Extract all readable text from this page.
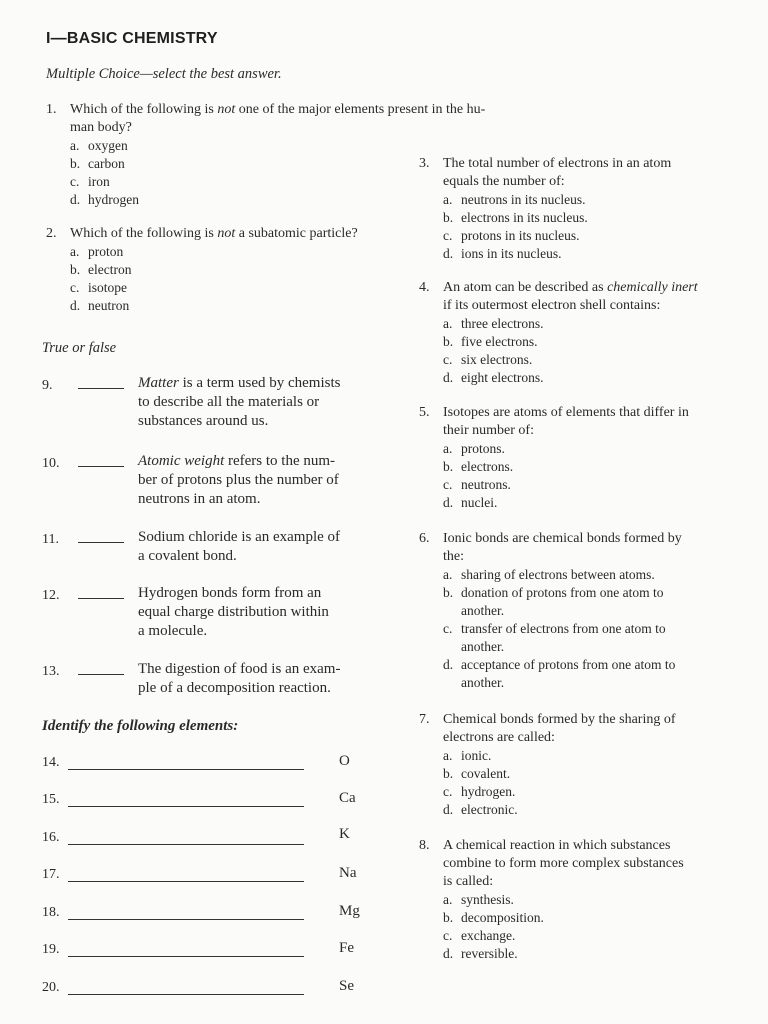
I—BASIC CHEMISTRY
Multiple Choice—select the best answer.
1. Which of the following is not one of the major elements present in the hu-
man body?
a. oxygen
b. carbon
c. iron
d. hydrogen
2. Which of the following is not a subatomic particle?
a. proton
b. electron
c. isotope
d. neutron
True or false
9.	Matter is a term used by chemists
to describe all the materials or
substances around us.
10.	Atomic weight refers to the num-
ber of protons plus the number of
neutrons in an atom.
11.	Sodium chloride is an example of
a covalent bond.
12.	Hydrogen bonds form from an
equal charge distribution within
a molecule.
13.	The digestion of food is an exam-
ple of a decomposition reaction.
Identify the following elements:
14.	O
15.	Ca
16.	K
17.	Na
18.	Mg
19.	Fe
20.	Se
3. The total number of electrons in an atom
equals the number of:
a. neutrons in its nucleus.
b. electrons in its nucleus.
c. protons in its nucleus.
d. ions in its nucleus.
4. An atom can be described as chemically inert
if its outermost electron shell contains:
a. three electrons.
b. five electrons.
c. six electrons.
d. eight electrons.
5. Isotopes are atoms of elements that differ in
their number of:
a. protons.
b. electrons.
c. neutrons.
d. nuclei.
6. Ionic bonds are chemical bonds formed by
the:
a. sharing of electrons between atoms.
b. donation of protons from one atom to
another.
c. transfer of electrons from one atom to
another.
d. acceptance of protons from one atom to
another.
7. Chemical bonds formed by the sharing of
electrons are called:
a. ionic.
b. covalent.
c. hydrogen.
d. electronic.
8. A chemical reaction in which substances
combine to form more complex substances
is called:
a. synthesis.
b. decomposition.
c. exchange.
d. reversible.
